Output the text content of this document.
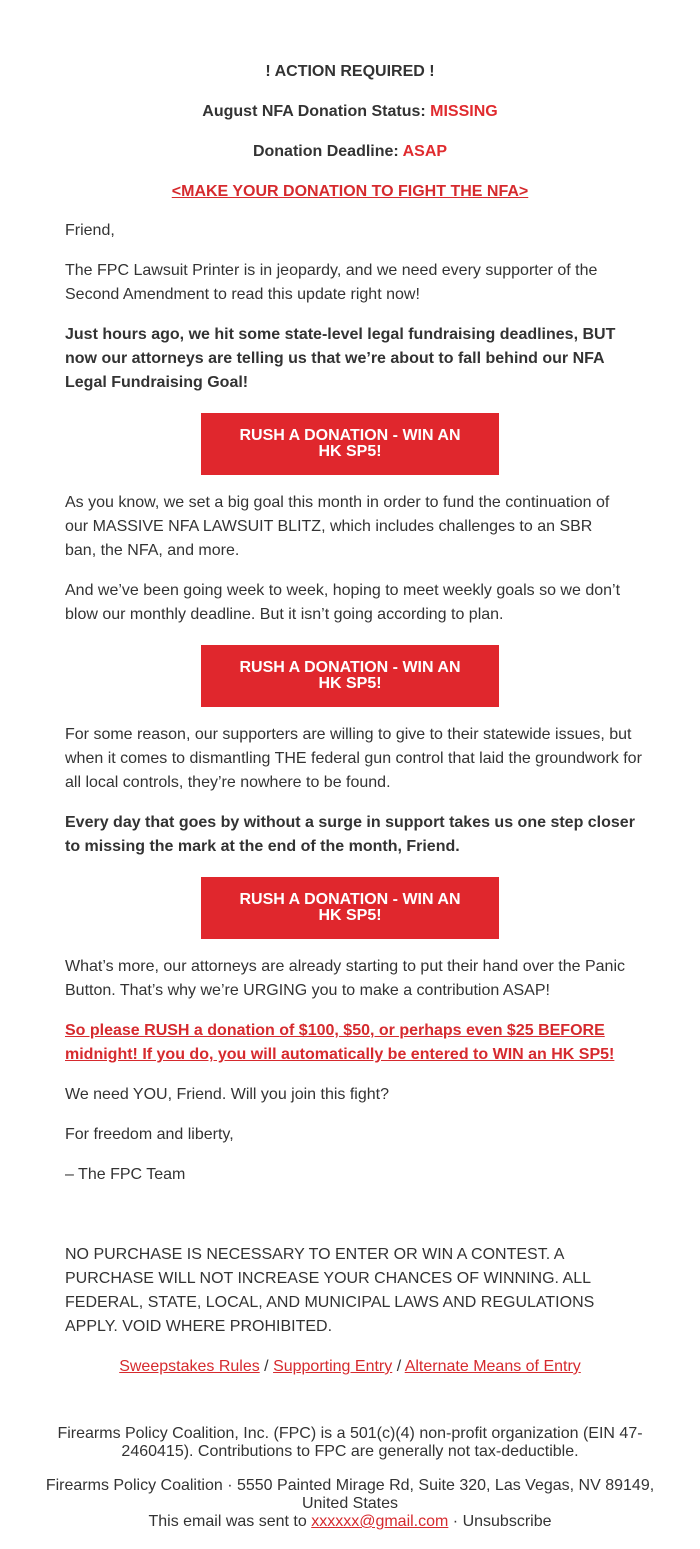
! ACTION REQUIRED !
August NFA Donation Status: MISSING
Donation Deadline: ASAP
<MAKE YOUR DONATION TO FIGHT THE NFA>
Friend,
The FPC Lawsuit Printer is in jeopardy, and we need every supporter of the Second Amendment to read this update right now!
Just hours ago, we hit some state-level legal fundraising deadlines, BUT now our attorneys are telling us that we’re about to fall behind our NFA Legal Fundraising Goal!
RUSH A DONATION - WIN AN HK SP5!
As you know, we set a big goal this month in order to fund the continuation of our MASSIVE NFA LAWSUIT BLITZ, which includes challenges to an SBR ban, the NFA, and more.
And we’ve been going week to week, hoping to meet weekly goals so we don’t blow our monthly deadline. But it isn’t going according to plan.
RUSH A DONATION - WIN AN HK SP5!
For some reason, our supporters are willing to give to their statewide issues, but when it comes to dismantling THE federal gun control that laid the groundwork for all local controls, they’re nowhere to be found.
Every day that goes by without a surge in support takes us one step closer to missing the mark at the end of the month, Friend.
RUSH A DONATION - WIN AN HK SP5!
What’s more, our attorneys are already starting to put their hand over the Panic Button. That’s why we’re URGING you to make a contribution ASAP!
So please RUSH a donation of $100, $50, or perhaps even $25 BEFORE midnight! If you do, you will automatically be entered to WIN an HK SP5!
We need YOU, Friend. Will you join this fight?
For freedom and liberty,
– The FPC Team
NO PURCHASE IS NECESSARY TO ENTER OR WIN A CONTEST. A PURCHASE WILL NOT INCREASE YOUR CHANCES OF WINNING. ALL FEDERAL, STATE, LOCAL, AND MUNICIPAL LAWS AND REGULATIONS APPLY. VOID WHERE PROHIBITED.
Sweepstakes Rules / Supporting Entry / Alternate Means of Entry
Firearms Policy Coalition, Inc. (FPC) is a 501(c)(4) non-profit organization (EIN 47-2460415). Contributions to FPC are generally not tax-deductible.
Firearms Policy Coalition · 5550 Painted Mirage Rd, Suite 320, Las Vegas, NV 89149, United States
This email was sent to xxxxxx@gmail.com · Unsubscribe
